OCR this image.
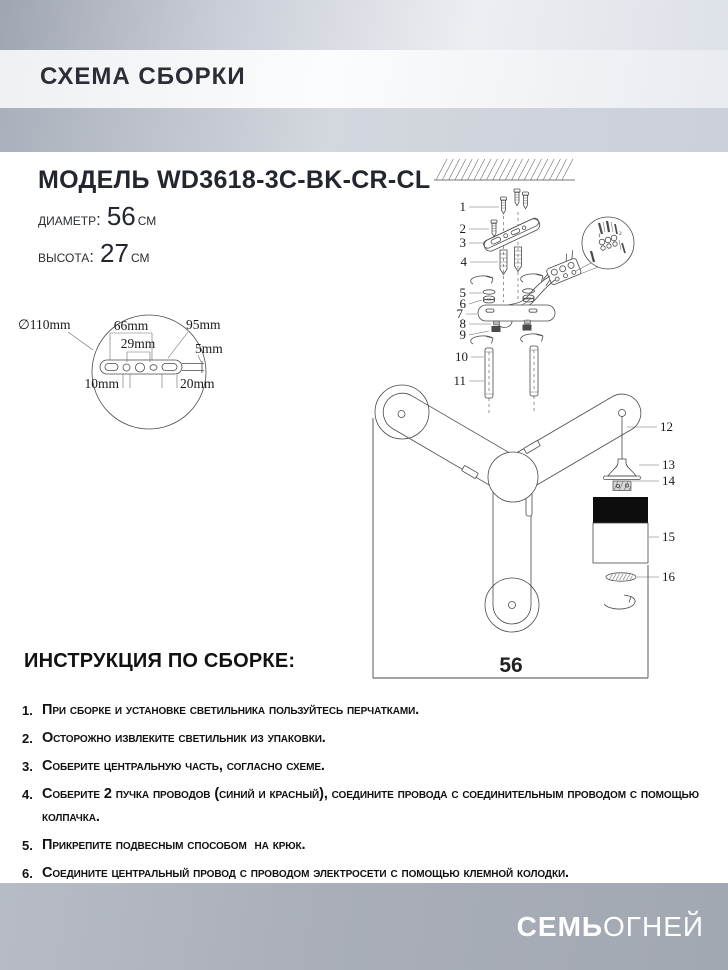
СХЕМА СБОРКИ
МОДЕЛЬ WD3618-3C-BK-CR-CL
диаметр: 56 см
высота: 27 см
∅110mm	66mm
29mm
95mm
5mm
10mm	20mm
1	2
56
1
2
3
4
5
6
7
8
9
10
11
12
13
14
15
16
ИНСТРУКЦИЯ ПО СБОРКЕ:
1. При сборке и установке светильника пользуйтесь перчатками.
2. Осторожно извлеките светильник из упаковки.
3. Соберите центральную часть, согласно схеме.
4. Соберите 2 пучка проводов (синий и красный), соедините провода с соединительным проводом с помощью колпачка.
5. Прикрепите подвесным способом  на крюк.
6. Соедините центральный провод с проводом электросети с помощью клемной колодки.
СЕМЬОГНЕЙ
